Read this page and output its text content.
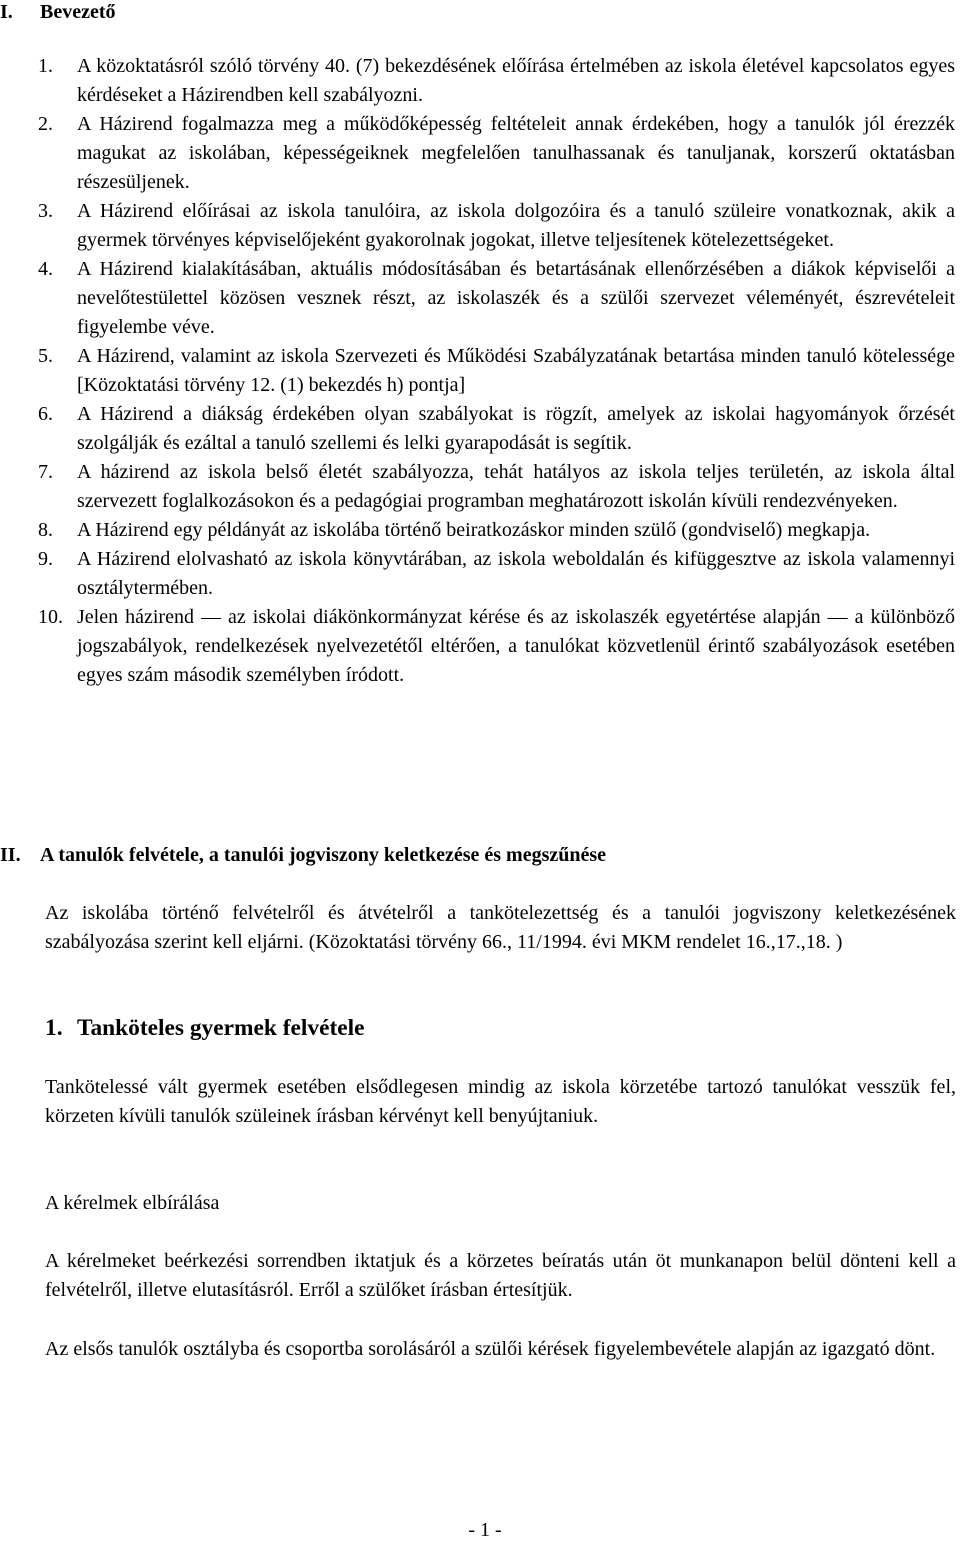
I. Bevezető
1. A közoktatásról szóló törvény 40. (7) bekezdésének előírása értelmében az iskola életével kapcsolatos egyes kérdéseket a Házirendben kell szabályozni.
2. A Házirend fogalmazza meg a működőképesség feltételeit annak érdekében, hogy a tanulók jól érezzék magukat az iskolában, képességeiknek megfelelően tanulhassanak és tanuljanak, korszerű oktatásban részesüljenek.
3. A Házirend előírásai az iskola tanulóira, az iskola dolgozóira és a tanuló szüleire vonatkoznak, akik a gyermek törvényes képviselőjeként gyakorolnak jogokat, illetve teljesítenek kötelezettségeket.
4. A Házirend kialakításában, aktuális módosításában és betartásának ellenőrzésében a diákok képviselői a nevelőtestülettel közösen vesznek részt, az iskolaszék és a szülői szervezet véleményét, észrevételeit figyelembe véve.
5. A Házirend, valamint az iskola Szervezeti és Működési Szabályzatának betartása minden tanuló kötelessége [Közoktatási törvény 12. (1) bekezdés h) pontja]
6. A Házirend a diákság érdekében olyan szabályokat is rögzít, amelyek az iskolai hagyományok őrzését szolgálják és ezáltal a tanuló szellemi és lelki gyarapodását is segítik.
7. A házirend az iskola belső életét szabályozza, tehát hatályos az iskola teljes területén, az iskola által szervezett foglalkozásokon és a pedagógiai programban meghatározott iskolán kívüli rendezvényeken.
8. A Házirend egy példányát az iskolába történő beiratkozáskor minden szülő (gondviselő) megkapja.
9. A Házirend elolvasható az iskola könyvtárában, az iskola weboldalán és kifüggesztve az iskola valamennyi osztálytermében.
10. Jelen házirend — az iskolai diákönkormányzat kérése és az iskolaszék egyetértése alapján — a különböző jogszabályok, rendelkezések nyelvezetétől eltérően, a tanulókat közvetlenül érintő szabályozások esetében egyes szám második személyben íródott.
II. A tanulók felvétele, a tanulói jogviszony keletkezése és megszűnése

Az iskolába történő felvételről és átvételről a tankötelezettség és a tanulói jogviszony keletkezésének szabályozása szerint kell eljárni. (Közoktatási törvény 66., 11/1994. évi MKM rendelet 16.,17.,18. )

1. Tanköteles gyermek felvétele

Tankötelessé vált gyermek esetében elsődlegesen mindig az iskola körzetébe tartozó tanulókat vesszük fel, körzeten kívüli tanulók szüleinek írásban kérvényt kell benyújtaniuk.

A kérelmek elbírálása

A kérelmeket beérkezési sorrendben iktatjuk és a körzetes beíratás után öt munkanapon belül dönteni kell a felvételről, illetve elutasításról. Erről a szülőket írásban értesítjük.

Az elsős tanulók osztályba és csoportba sorolásáról a szülői kérések figyelembevétele alapján az igazgató dönt.

- 1 -
